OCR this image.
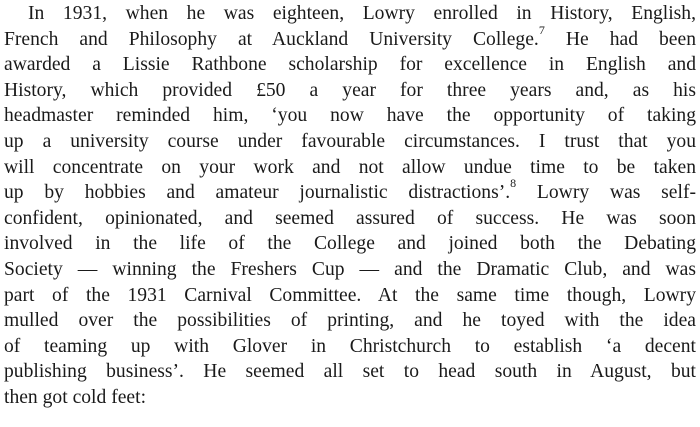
In 1931, when he was eighteen, Lowry enrolled in History, English,
French and Philosophy at Auckland University College.$^7$ He had been
awarded a Lissie Rathbone scholarship for excellence in English and
History, which provided £50 a year for three years and, as his
headmaster reminded him, ‘you now have the opportunity of taking
up a university course under favourable circumstances. I trust that you
will concentrate on your work and not allow undue time to be taken
up by hobbies and amateur journalistic distractions’.$^8$ Lowry was self-
confident, opinionated, and seemed assured of success. He was soon
involved in the life of the College and joined both the Debating
Society — winning the Freshers Cup — and the Dramatic Club, and was
part of the 1931 Carnival Committee. At the same time though, Lowry
mulled over the possibilities of printing, and he toyed with the idea
of teaming up with Glover in Christchurch to establish ‘a decent
publishing business’. He seemed all set to head south in August, but
then got cold feet:
